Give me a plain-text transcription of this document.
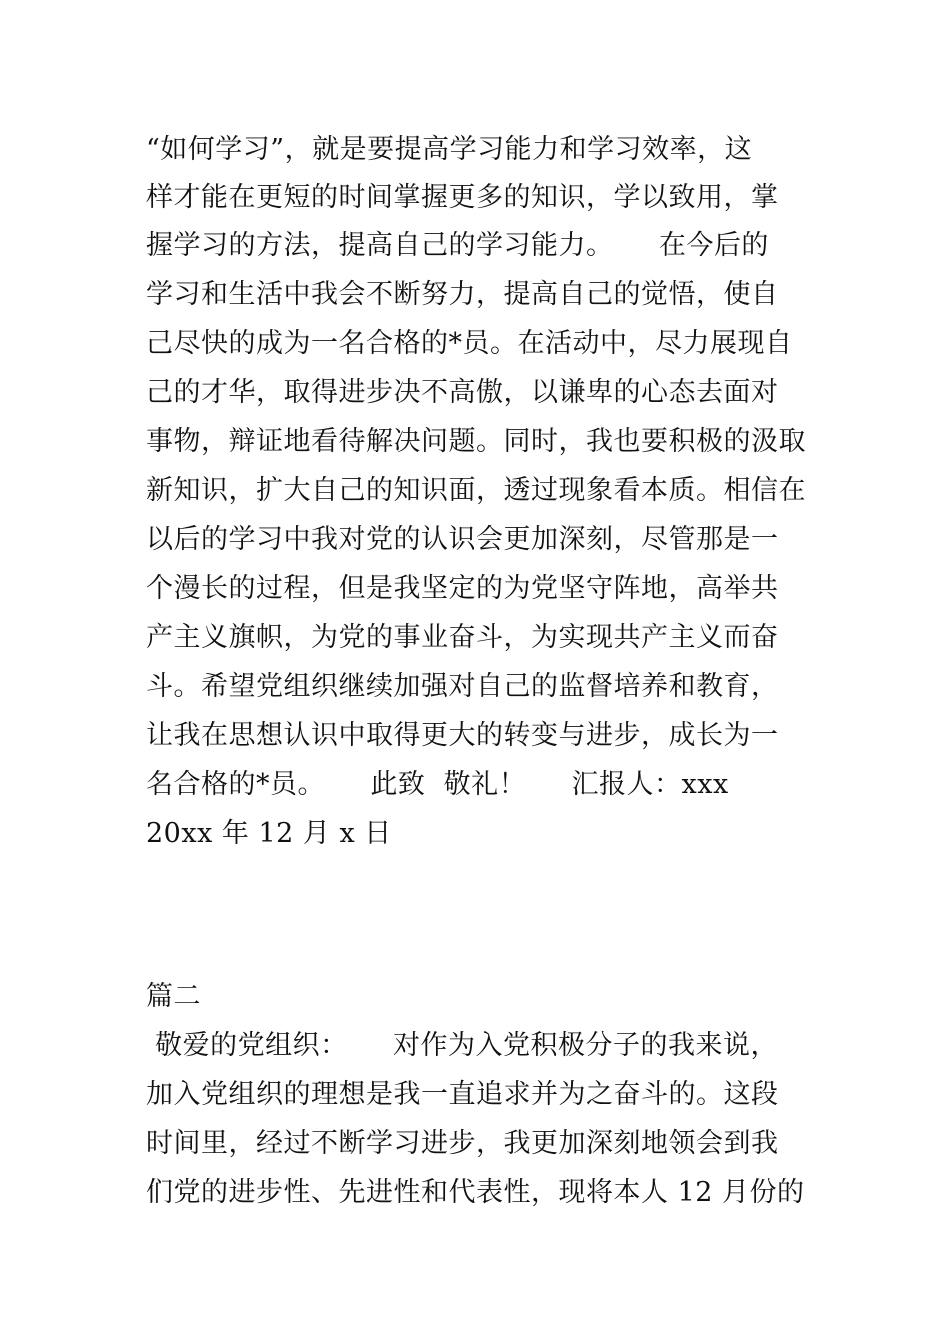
“如何学习”，就是要提高学习能力和学习效率，这
样才能在更短的时间掌握更多的知识，学以致用，掌
握学习的方法，提高自己的学习能力。     在今后的
学习和生活中我会不断努力，提高自己的觉悟，使自
己尽快的成为一名合格的*员。在活动中，尽力展现自
己的才华，取得进步决不高傲，以谦卑的心态去面对
事物，辩证地看待解决问题。同时，我也要积极的汲取
新知识，扩大自己的知识面，透过现象看本质。相信在
以后的学习中我对党的认识会更加深刻，尽管那是一
个漫长的过程，但是我坚定的为党坚守阵地，高举共
产主义旗帜，为党的事业奋斗，为实现共产主义而奋
斗。希望党组织继续加强对自己的监督培养和教育，
让我在思想认识中取得更大的转变与进步，成长为一
名合格的*员。     此致  敬礼！     汇报人：xxx
20xx 年 12 月 x 日
篇二
敬爱的党组织：     对作为入党积极分子的我来说，
加入党组织的理想是我一直追求并为之奋斗的。这段
时间里，经过不断学习进步，我更加深刻地领会到我
们党的进步性、先进性和代表性，现将本人 12 月份的
